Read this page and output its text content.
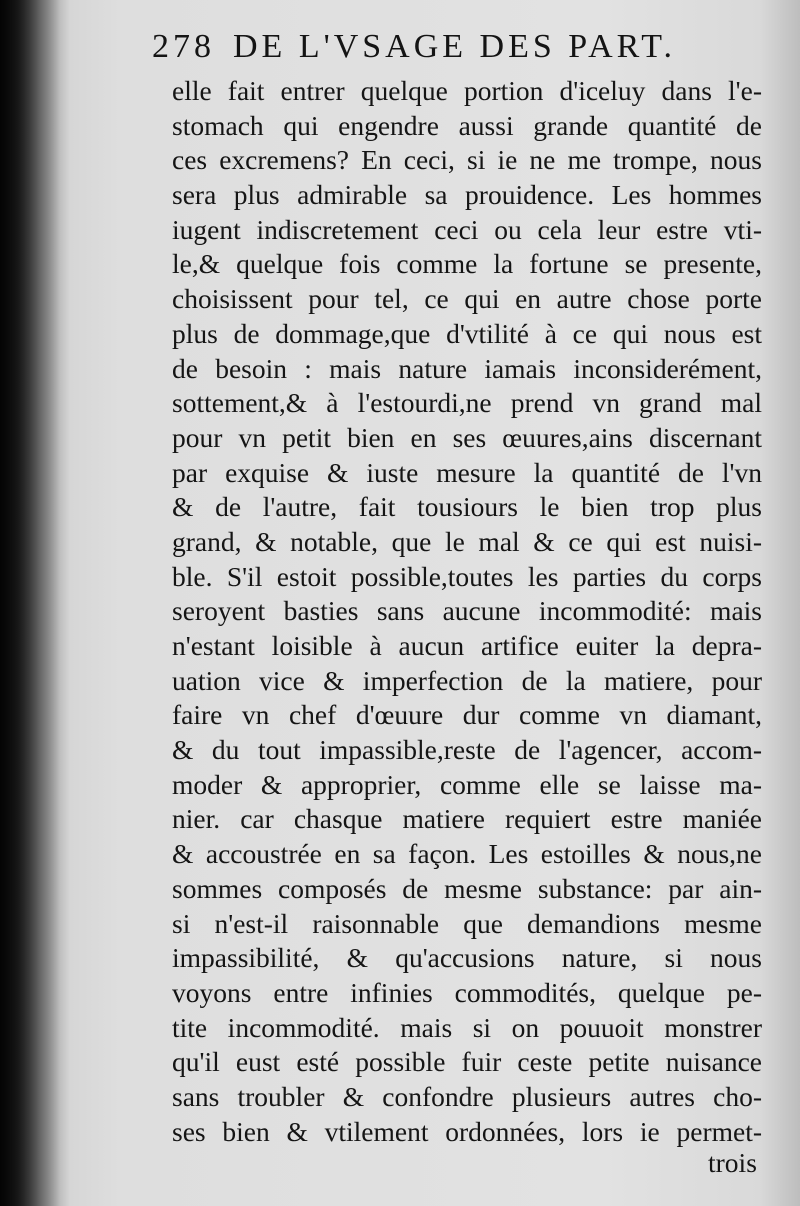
278 DE L'VSAGE DES PART.
elle fait entrer quelque portion d'iceluy dans l'e-
stomach qui engendre aussi grande quantité de
ces excremens? En ceci, si ie ne me trompe, nous
sera plus admirable sa prouidence. Les hommes
iugent indiscretement ceci ou cela leur estre vti-
le,& quelque fois comme la fortune se presente,
choisissent pour tel, ce qui en autre chose porte
plus de dommage,que d'vtilité à ce qui nous est
de besoin : mais nature iamais inconsiderément,
sottement,& à l'estourdi,ne prend vn grand mal
pour vn petit bien en ses œuures,ains discernant
par exquise & iuste mesure la quantité de l'vn
& de l'autre, fait tousiours le bien trop plus
grand, & notable, que le mal & ce qui est nuisi-
ble. S'il estoit possible,toutes les parties du corps
seroyent basties sans aucune incommodité: mais
n'estant loisible à aucun artifice euiter la depra-
uation vice & imperfection de la matiere, pour
faire vn chef d'œuure dur comme vn diamant,
& du tout impassible,reste de l'agencer, accom-
moder & approprier, comme elle se laisse ma-
nier. car chasque matiere requiert estre maniée
& accoustrée en sa façon. Les estoilles & nous,ne
sommes composés de mesme substance: par ain-
si n'est-il raisonnable que demandions mesme
impassibilité, & qu'accusions nature, si nous
voyons entre infinies commodités, quelque pe-
tite incommodité. mais si on pouuoit monstrer
qu'il eust esté possible fuir ceste petite nuisance
sans troubler & confondre plusieurs autres cho-
ses bien & vtilement ordonnées, lors ie permet-
trois
